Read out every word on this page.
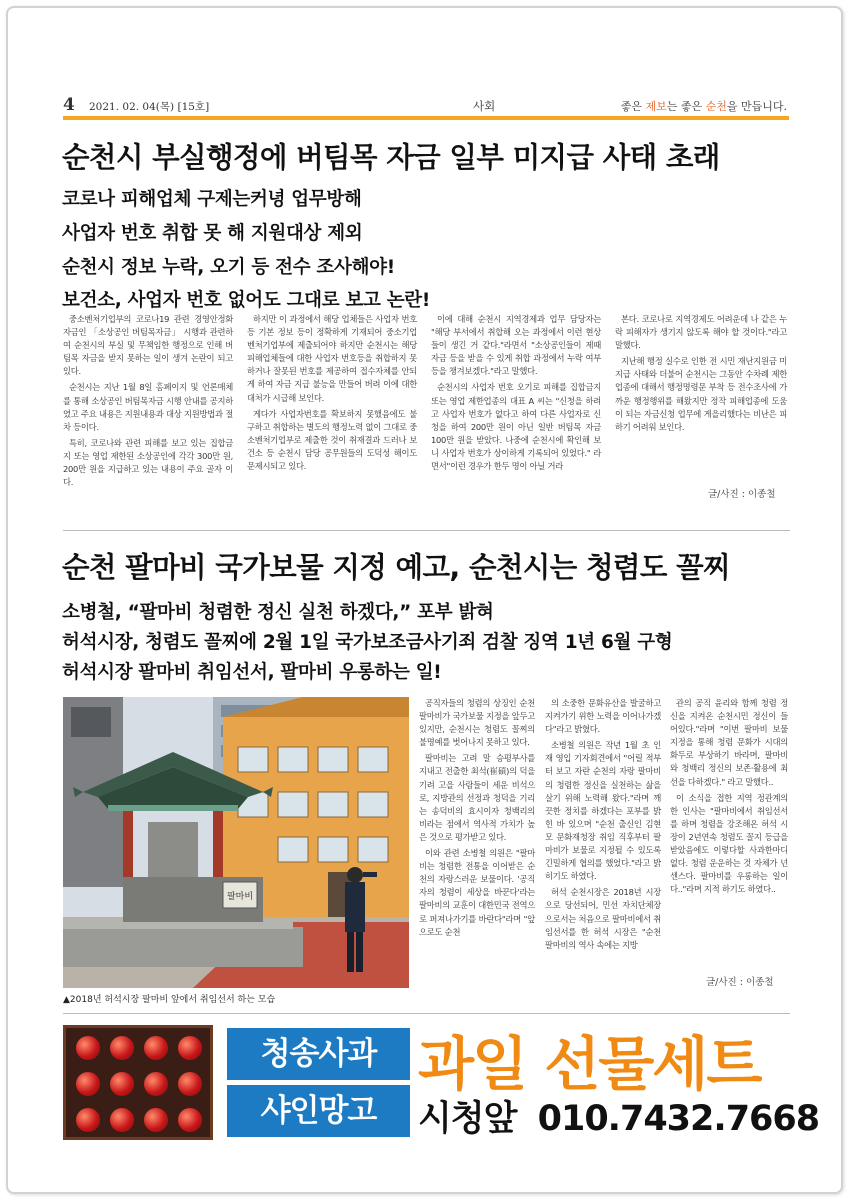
4 2021. 02. 04(목) [15호]	사회	좋은 제보는 좋은 순천을 만듭니다.
순천시 부실행정에 버팀목 자금 일부 미지급 사태 초래
코로나 피해업체 구제는커녕 업무방해
사업자 번호 취합 못 해 지원대상 제외
순천시 정보 누락, 오기 등 전수 조사해야!
보건소, 사업자 번호 없어도 그대로 보고 논란!

중소벤처기업부의 코로나19 관련 경영안정화 자금인 「소상공인 버팀목자금」 시행과 관련하여 순천시의 부실 및 무책임한 행정으로 인해 버팀목 자금을 받지 못하는 일이 생겨 논란이 되고 있다.

순천시는 지난 1월 8일 홈페이지 및 언론매체를 통해 소상공인 버팀목자금 시행 안내를 공지하였고 주요 내용은 지원내용과 대상 지원방법과 절차 등이다.

특히, 코로나와 관련 피해를 보고 있는 집합금지 또는 영업 제한된 소상공인에 각각 300만 원, 200만 원을 지급하고 있는 내용이 주요 골자 이다.

하지만 이 과정에서 해당 업체들은 사업자 번호등 기본 정보 등이 정확하게 기재되어 중소기업 벤처기업부에 제출되어야 하지만 순천시는 해당 피해업체들에 대한 사업자 번호등을 취합하지 못하거나 잘못된 번호를 제공하여 접수자체를 안되게 하여 자금 지급 불능을 만들어 버려 이에 대한 대처가 시급해 보인다.

게다가 사업자번호를 확보하지 못했음에도 불구하고 취합하는 별도의 행정노력 없이 그대로 중소벤처기업부로 제출한 것이 취재결과 드러나 보건소 등 순천시 담당 공무원들의 도덕성 해이도 문제시되고 있다.

이에 대해 순천시 지역경제과 업무 담당자는 "해당 부서에서 취합해 오는 과정에서 이런 현상들이 생긴 거 같다."라면서 "소상공인들이 제때 자금 등을 받을 수 있게 취합 과정에서 누락 여부 등을 챙겨보겠다."라고 말했다.

순천시의 사업자 번호 오기로 피해를 집합금지 또는 영업 제한업종의 대표 A 씨는 "신청을 하려고 사업자 번호가 없다고 하여 다른 사업자로 신청을 하여 200만 원이 아닌 일반 버팀목 자금 100만 원을 받았다. 나중에 순천시에 확인해 보니 사업자 번호가 상이하게 기록되어 있었다." 라면서"이런 경우가 한두 명이 아닐 거라

본다. 코로나로 지역경제도 어려운데 나 같은 누락 피해자가 생기지 않도록 해야 할 것이다."라고 말했다.

지난해 행정 실수로 인한 전 시민 재난지원금 미지급 사태와 더불어 순천시는 그동안 수차례 제한업종에 대해서 행정명령문 부착 등 전수조사에 가까운 행정행위를 해왔지만 정작 피해업종에 도움이 되는 자금신청 업무에 게을리했다는 비난은 피하기 어려워 보인다.

글/사진 : 이종철
순천 팔마비 국가보물 지정 예고, 순천시는 청렴도 꼴찌
소병철, “팔마비 청렴한 정신 실천 하겠다,” 포부 밝혀
허석시장, 청렴도 꼴찌에 2월 1일 국가보조금사기죄 검찰 징역 1년 6월 구형
허석시장 팔마비 취임선서, 팔마비 우롱하는 일!
팔마비
▲2018년 허석시장 팔마비 앞에서 취임선서 하는 모습

공직자들의 청렴의 상징인 순천 팔마비가 국가보물 지정을 앞두고 있지만, 순천시는 청렴도 꼴찌의 불명예를 벗어나지 못하고 있다.

팔마비는 고려 말 승평부사를 지내고 전출한 최석(崔碩)의 덕을 기려 고을 사람들이 세운 비석으로, 지방관의 선정과 청덕을 기리는 송덕비의 효시이자 청백리의 비라는 점에서 역사적 가치가 높은 것으로 평가받고 있다.

이와 관련 소병철 의원은 "팔마비는 청렴한 전통을 이어받은 순천의 자랑스러운 보물이다. '공직자의 청렴이 세상을 바꾼다'라는 팔마비의 교훈이 대한민국 전역으로 퍼져나가기를 바란다"라며 "앞으로도 순천

의 소중한 문화유산을 발굴하고 지켜가기 위한 노력을 이어나가겠다"라고 밝혔다.

소병철 의원은 작년 1월 초 인재 영입 기자회견에서 "어릴 적부터 보고 자란 순천의 자랑 팔마비의 청렴한 정신을 실천하는 삶을 살기 위해 노력해 왔다."라며 깨끗한 정치를 하겠다는 포부를 밝힌 바 있으며 "순천 출신인 김현모 문화재청장 취임 직후부터 팔마비가 보물로 지정될 수 있도록 긴밀하게 협의를 했었다."라고 밝히기도 하였다.

허석 순천시장은 2018년 시장으로 당선되어, 민선 자치단체장으로서는 처음으로 팔마비에서 취임선서를 한 허석 시장은 "순천 팔마비의 역사 속에는 지방

관의 공직 윤리와 함께 청렴 정신을 지켜온 순천시민 정신이 들어있다."라며 "이번 팔마비 보물 지정을 통해 청렴 문화가 시대의 화두로 부상하기 바라며, 팔마비와 청백리 정신의 보존·활용에 최선을 다하겠다." 라고 말했다..

이 소식을 접한 지역 정관계의 한 인사는 "팔마비에서 취임선서를 하며 청렴을 강조해온 허석 시장이 2년연속 청렴도 꼴지 등급을 받았음에도 이렇다할 사과한마디 없다. 청렴 운운하는 것 자체가 넌센스다. 팔마비를 우롱하는 일이다.."라며 지적 하기도 하였다..

글/사진 : 이종철
청송사과
샤인망고
과일 선물세트
시청앞 010.7432.7668
